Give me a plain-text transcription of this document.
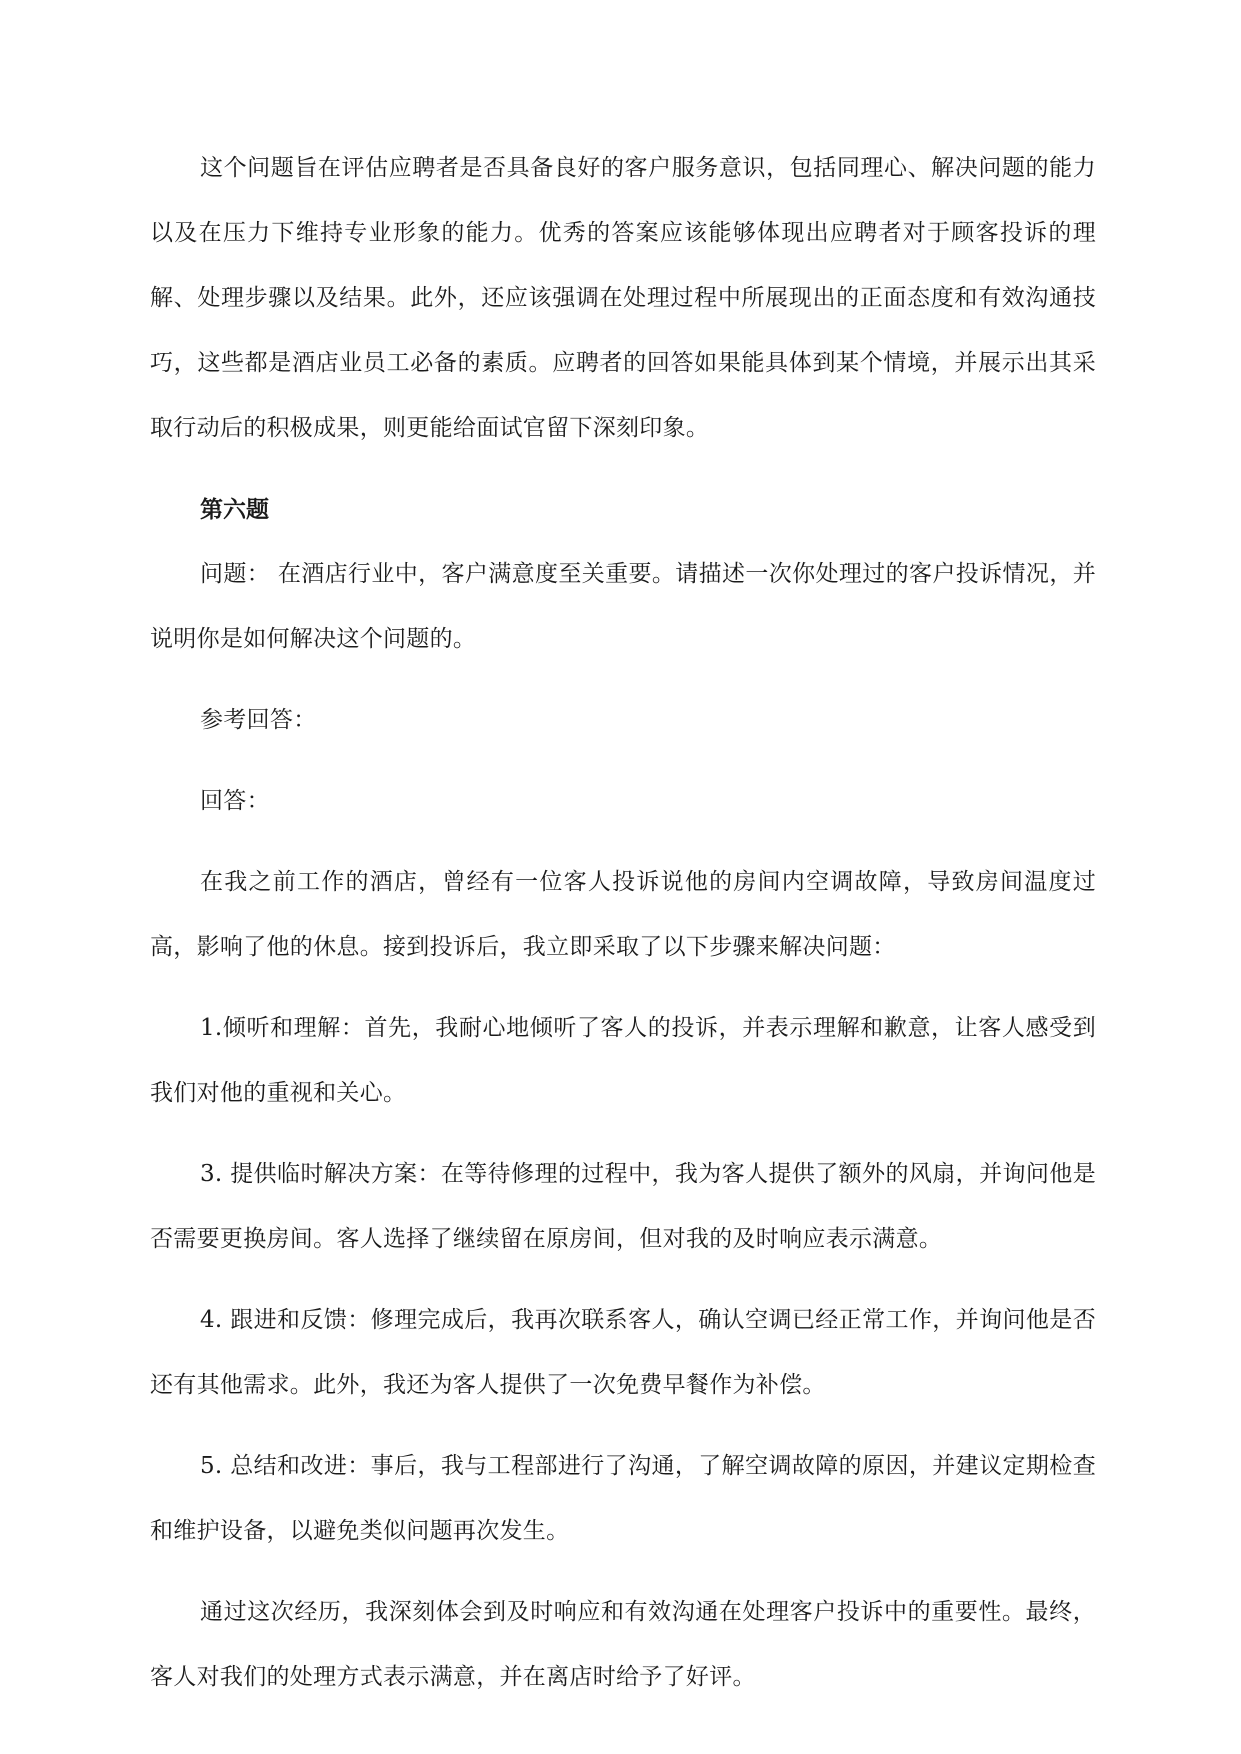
这个问题旨在评估应聘者是否具备良好的客户服务意识，包括同理心、解决问题的能力以及在压力下维持专业形象的能力。优秀的答案应该能够体现出应聘者对于顾客投诉的理解、处理步骤以及结果。此外，还应该强调在处理过程中所展现出的正面态度和有效沟通技巧，这些都是酒店业员工必备的素质。应聘者的回答如果能具体到某个情境，并展示出其采取行动后的积极成果，则更能给面试官留下深刻印象。

第六题

问题： 在酒店行业中，客户满意度至关重要。请描述一次你处理过的客户投诉情况，并说明你是如何解决这个问题的。

参考回答：

回答：

在我之前工作的酒店，曾经有一位客人投诉说他的房间内空调故障，导致房间温度过高，影响了他的休息。接到投诉后，我立即采取了以下步骤来解决问题：

1.倾听和理解：首先，我耐心地倾听了客人的投诉，并表示理解和歉意，让客人感受到我们对他的重视和关心。

3. 提供临时解决方案：在等待修理的过程中，我为客人提供了额外的风扇，并询问他是否需要更换房间。客人选择了继续留在原房间，但对我的及时响应表示满意。

4. 跟进和反馈：修理完成后，我再次联系客人，确认空调已经正常工作，并询问他是否还有其他需求。此外，我还为客人提供了一次免费早餐作为补偿。

5. 总结和改进：事后，我与工程部进行了沟通，了解空调故障的原因，并建议定期检查和维护设备，以避免类似问题再次发生。

通过这次经历，我深刻体会到及时响应和有效沟通在处理客户投诉中的重要性。最终，客人对我们的处理方式表示满意，并在离店时给予了好评。
